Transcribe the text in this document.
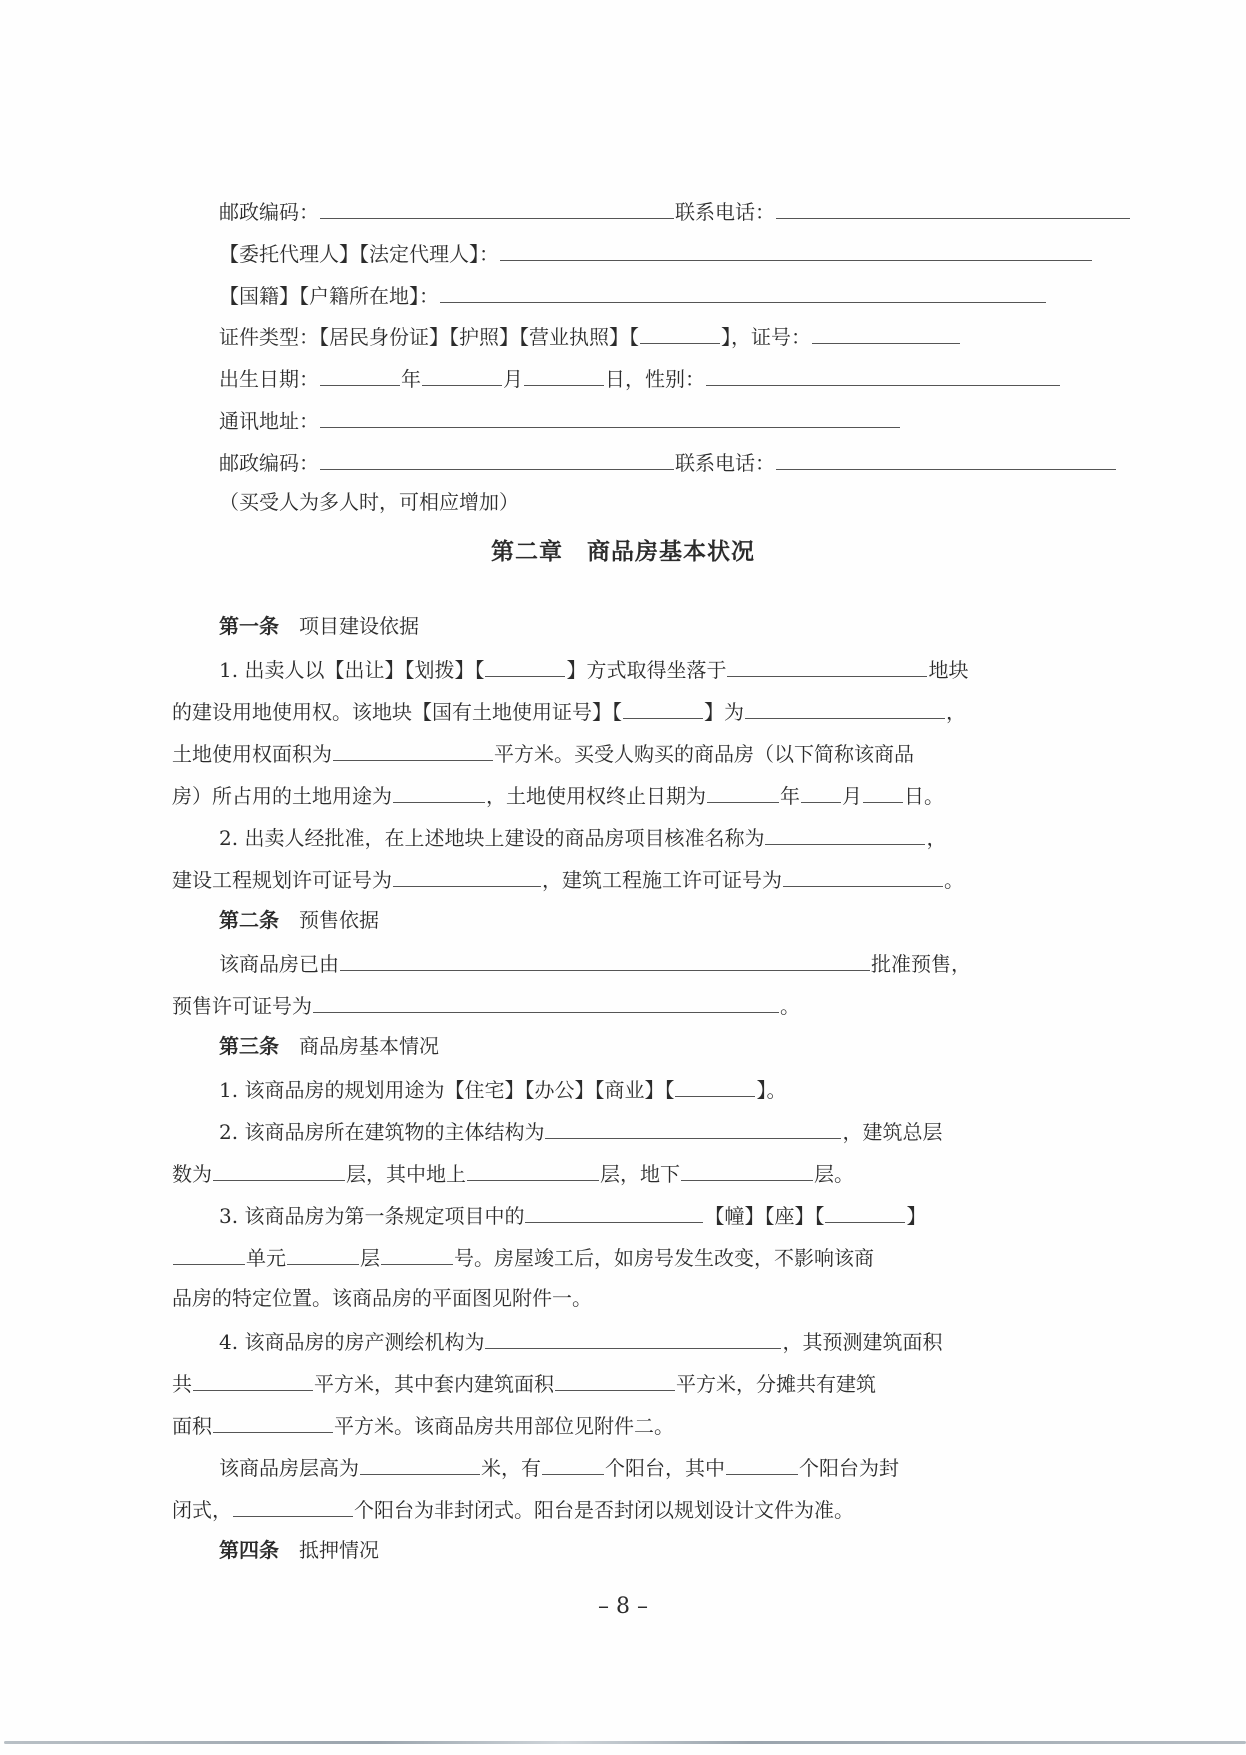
邮政编码：	联系电话：
【委托代理人】【法定代理人】：
【国籍】【户籍所在地】：
证件类型：【居民身份证】【护照】【营业执照】【	】，证号：
出生日期：	年	月	日，性别：
通讯地址：
邮政编码：	联系电话：
（买受人为多人时，可相应增加）
第二章　商品房基本状况
第一条　项目建设依据
1. 出卖人以【出让】【划拨】【	】方式取得坐落于	地块
的建设用地使用权。该地块【国有土地使用证号】【	】为	，
土地使用权面积为	平方米。买受人购买的商品房（以下简称该商品
房）所占用的土地用途为	，土地使用权终止日期为	年 月 日。
2. 出卖人经批准，在上述地块上建设的商品房项目核准名称为	，
建设工程规划许可证号为	，建筑工程施工许可证号为	。
第二条　预售依据
该商品房已由	批准预售，
预售许可证号为	。
第三条　商品房基本情况
1. 该商品房的规划用途为【住宅】【办公】【商业】【	】。
2. 该商品房所在建筑物的主体结构为	，建筑总层
数为	层，其中地上	层，地下	层。
3. 该商品房为第一条规定项目中的	【幢】【座】【	】
单元	层	号。房屋竣工后，如房号发生改变，不影响该商
品房的特定位置。该商品房的平面图见附件一。
4. 该商品房的房产测绘机构为	，其预测建筑面积
共	平方米，其中套内建筑面积	平方米，分摊共有建筑
面积	平方米。该商品房共用部位见附件二。
该商品房层高为	米，有	个阳台，其中	个阳台为封
闭式，	个阳台为非封闭式。阳台是否封闭以规划设计文件为准。
第四条　抵押情况
– 8 –
